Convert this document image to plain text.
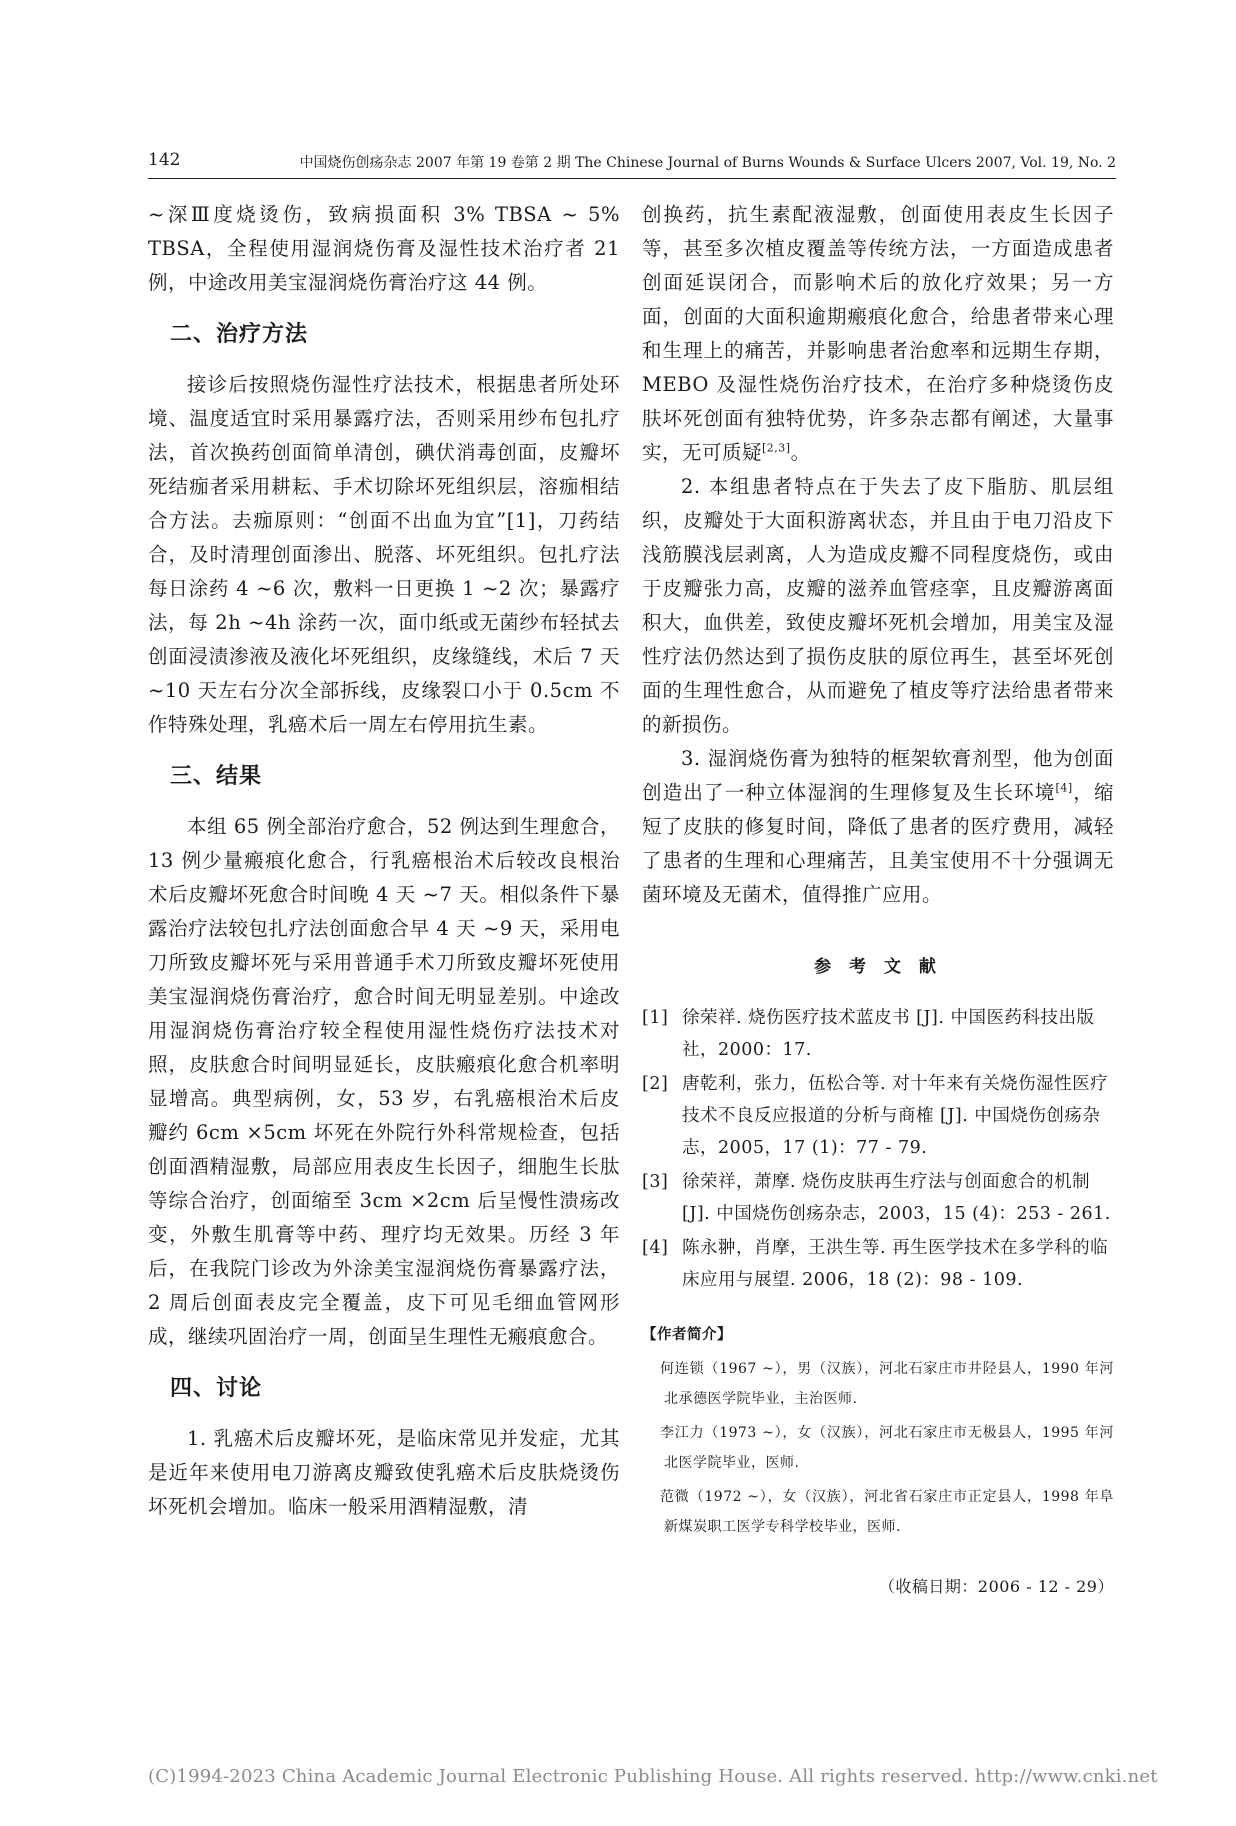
142	中国烧伤创疡杂志 2007 年第 19 卷第 2 期 The Chinese Journal of Burns Wounds & Surface Ulcers 2007, Vol. 19, No. 2

~深Ⅲ度烧烫伤，致病损面积 3% TBSA ~ 5% TBSA，全程使用湿润烧伤膏及湿性技术治疗者 21 例，中途改用美宝湿润烧伤膏治疗这 44 例。

二、治疗方法

接诊后按照烧伤湿性疗法技术，根据患者所处环境、温度适宜时采用暴露疗法，否则采用纱布包扎疗法，首次换药创面简单清创，碘伏消毒创面，皮瓣坏死结痂者采用耕耘、手术切除坏死组织层，溶痂相结合方法。去痂原则：“创面不出血为宜”[1]，刀药结合，及时清理创面渗出、脱落、坏死组织。包扎疗法每日涂药 4 ~6 次，敷料一日更换 1 ~2 次；暴露疗法，每 2h ~4h 涂药一次，面巾纸或无菌纱布轻拭去创面浸渍渗液及液化坏死组织，皮缘缝线，术后 7 天 ~10 天左右分次全部拆线，皮缘裂口小于 0.5cm 不作特殊处理，乳癌术后一周左右停用抗生素。

三、结果

本组 65 例全部治疗愈合，52 例达到生理愈合，13 例少量瘢痕化愈合，行乳癌根治术后较改良根治术后皮瓣坏死愈合时间晚 4 天 ~7 天。相似条件下暴露治疗法较包扎疗法创面愈合早 4 天 ~9 天，采用电刀所致皮瓣坏死与采用普通手术刀所致皮瓣坏死使用美宝湿润烧伤膏治疗，愈合时间无明显差别。中途改用湿润烧伤膏治疗较全程使用湿性烧伤疗法技术对照，皮肤愈合时间明显延长，皮肤瘢痕化愈合机率明显增高。典型病例，女，53 岁，右乳癌根治术后皮瓣约 6cm ×5cm 坏死在外院行外科常规检查，包括创面酒精湿敷，局部应用表皮生长因子，细胞生长肽等综合治疗，创面缩至 3cm ×2cm 后呈慢性溃疡改变，外敷生肌膏等中药、理疗均无效果。历经 3 年后，在我院门诊改为外涂美宝湿润烧伤膏暴露疗法，2 周后创面表皮完全覆盖，皮下可见毛细血管网形成，继续巩固治疗一周，创面呈生理性无瘢痕愈合。

四、讨论

1. 乳癌术后皮瓣坏死，是临床常见并发症，尤其是近年来使用电刀游离皮瓣致使乳癌术后皮肤烧烫伤坏死机会增加。临床一般采用酒精湿敷，清

创换药，抗生素配液湿敷，创面使用表皮生长因子等，甚至多次植皮覆盖等传统方法，一方面造成患者创面延误闭合，而影响术后的放化疗效果；另一方面，创面的大面积逾期瘢痕化愈合，给患者带来心理和生理上的痛苦，并影响患者治愈率和远期生存期，MEBO 及湿性烧伤治疗技术，在治疗多种烧烫伤皮肤坏死创面有独特优势，许多杂志都有阐述，大量事实，无可质疑[2,3]。

2. 本组患者特点在于失去了皮下脂肪、肌层组织，皮瓣处于大面积游离状态，并且由于电刀沿皮下浅筋膜浅层剥离，人为造成皮瓣不同程度烧伤，或由于皮瓣张力高，皮瓣的滋养血管痉挛，且皮瓣游离面积大，血供差，致使皮瓣坏死机会增加，用美宝及湿性疗法仍然达到了损伤皮肤的原位再生，甚至坏死创面的生理性愈合，从而避免了植皮等疗法给患者带来的新损伤。

3. 湿润烧伤膏为独特的框架软膏剂型，他为创面创造出了一种立体湿润的生理修复及生长环境[4]，缩短了皮肤的修复时间，降低了患者的医疗费用，减轻了患者的生理和心理痛苦，且美宝使用不十分强调无菌环境及无菌术，值得推广应用。

参 考 文 献
[1] 徐荣祥. 烧伤医疗技术蓝皮书 [J]. 中国医药科技出版社，2000：17.
[2] 唐乾利，张力，伍松合等. 对十年来有关烧伤湿性医疗技术不良反应报道的分析与商榷 [J]. 中国烧伤创疡杂志，2005，17 (1)：77 - 79.
[3] 徐荣祥，萧摩. 烧伤皮肤再生疗法与创面愈合的机制 [J]. 中国烧伤创疡杂志，2003，15 (4)：253 - 261.
[4] 陈永翀，肖摩，王洪生等. 再生医学技术在多学科的临床应用与展望. 2006，18 (2)：98 - 109.
【作者简介】
何连锁（1967 ~），男（汉族），河北石家庄市井陉县人，1990 年河北承德医学院毕业，主治医师.
李江力（1973 ~），女（汉族），河北石家庄市无极县人，1995 年河北医学院毕业，医师.
范微（1972 ~），女（汉族），河北省石家庄市正定县人，1998 年阜新煤炭职工医学专科学校毕业，医师.
（收稿日期：2006 - 12 - 29）
(C)1994-2023 China Academic Journal Electronic Publishing House. All rights reserved. http://www.cnki.net
